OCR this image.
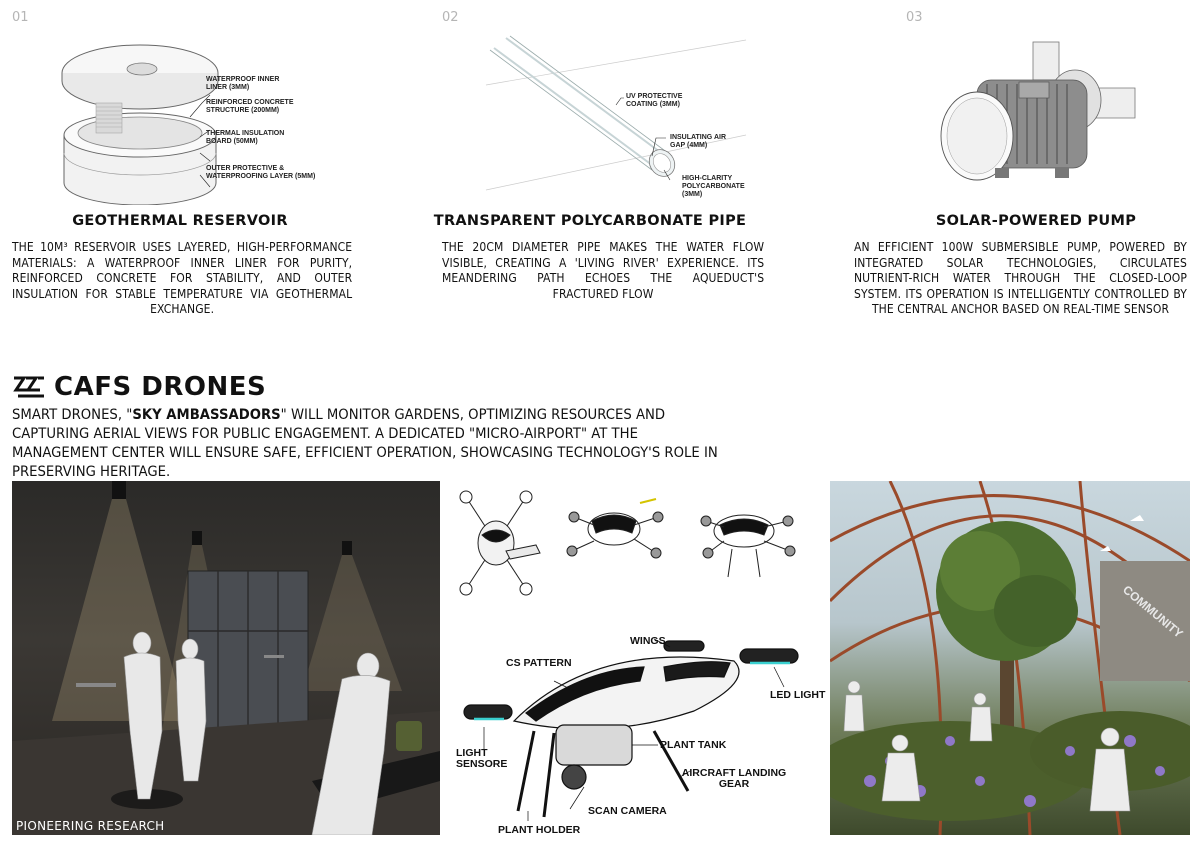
01	02	03
WATERPROOF INNER LINER (3MM)
REINFORCED CONCRETE STRUCTURE (200MM)
THERMAL INSULATION BOARD (50MM)
OUTER PROTECTIVE & WATERPROOFING LAYER (5MM)
UV PROTECTIVE COATING (3MM)
INSULATING AIR GAP (4MM)
HIGH-CLARITY POLYCARBONATE (3MM)
GEOTHERMAL RESERVOIR
THE 10M³ RESERVOIR USES LAYERED, HIGH-PERFORMANCE MATERIALS: A WATERPROOF INNER LINER FOR PURITY, REINFORCED CONCRETE FOR STABILITY, AND OUTER INSULATION FOR STABLE TEMPERATURE VIA GEOTHERMAL EXCHANGE.
TRANSPARENT POLYCARBONATE PIPE
THE 20CM DIAMETER PIPE MAKES THE WATER FLOW VISIBLE, CREATING A 'LIVING RIVER' EXPERIENCE. ITS MEANDERING PATH ECHOES THE AQUEDUCT'S FRACTURED FLOW
SOLAR-POWERED PUMP
AN EFFICIENT 100W SUBMERSIBLE PUMP, POWERED BY INTEGRATED SOLAR TECHNOLOGIES, CIRCULATES NUTRIENT-RICH WATER THROUGH THE CLOSED-LOOP SYSTEM. ITS OPERATION IS INTELLIGENTLY CONTROLLED BY THE CENTRAL ANCHOR BASED ON REAL-TIME SENSOR
CAFS DRONES
SMART DRONES, "SKY AMBASSADORS" WILL MONITOR GARDENS, OPTIMIZING RESOURCES AND CAPTURING AERIAL VIEWS FOR PUBLIC ENGAGEMENT. A DEDICATED "MICRO-AIRPORT" AT THE MANAGEMENT CENTER WILL ENSURE SAFE, EFFICIENT OPERATION, SHOWCASING TECHNOLOGY'S ROLE IN PRESERVING HERITAGE.
PIONEERING RESEARCH
WINGS
CS PATTERN
LED LIGHT
PLANT TANK
LIGHT SENSORE
AIRCRAFT LANDING GEAR
SCAN CAMERA
PLANT HOLDER
COMMUNITY
